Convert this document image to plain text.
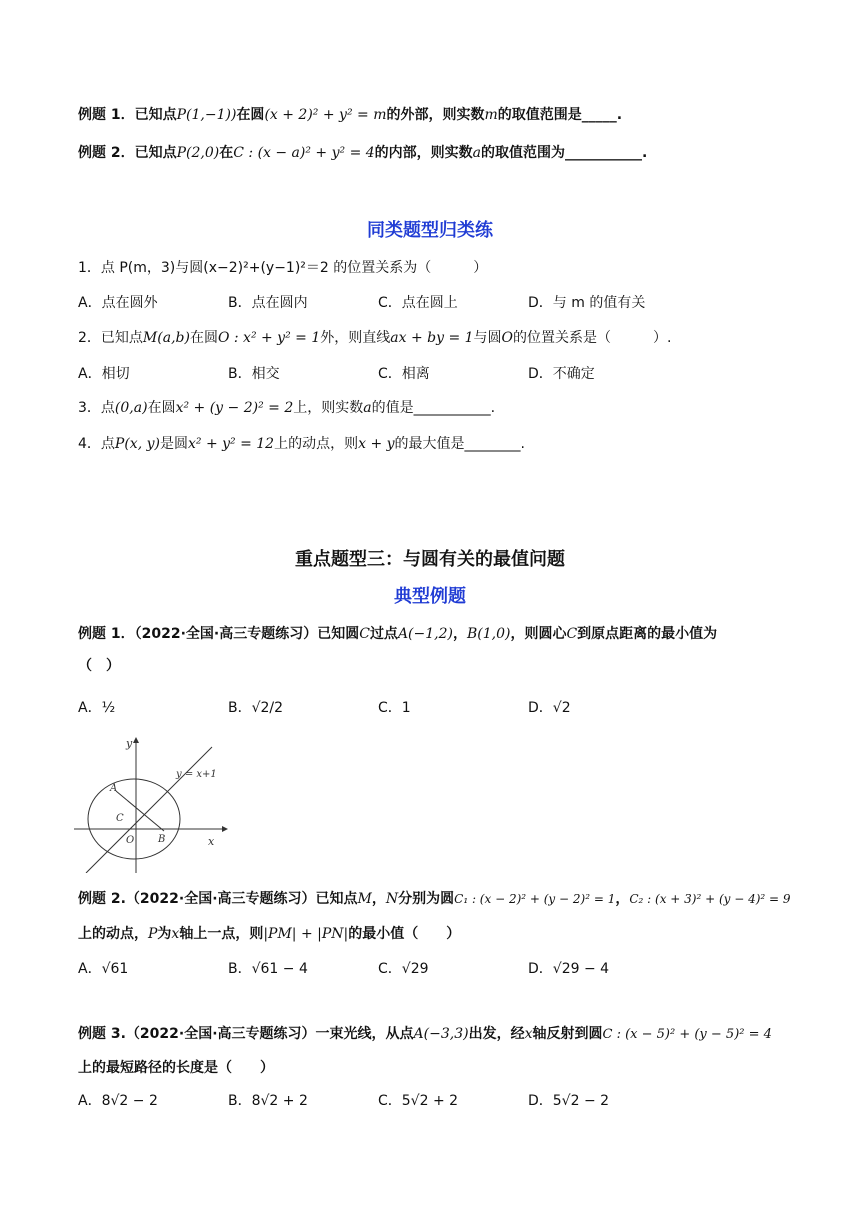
例题 1．已知点P(1,−1))在圆(x + 2)² + y² = m的外部，则实数m的取值范围是_____.
例题 2．已知点P(2,0)在C : (x − a)² + y² = 4的内部，则实数a的取值范围为___________.
同类题型归类练
1．点 P(m，3)与圆(x−2)²+(y−1)²＝2 的位置关系为（　　　）
A．点在圆外	B．点在圆内	C．点在圆上	D．与 m 的值有关
2．已知点M(a,b)在圆O : x² + y² = 1外，则直线ax + by = 1与圆O的位置关系是（　　　）.
A．相切	B．相交	C．相离	D．不确定
3．点(0,a)在圆x² + (y − 2)² = 2上，则实数a的值是___________.
4．点P(x, y)是圆x² + y² = 12上的动点，则x + y的最大值是________.
重点题型三：与圆有关的最值问题
典型例题
例题 1．（2022·全国·高三专题练习）已知圆C过点A(−1,2)，B(1,0)，则圆心C到原点距离的最小值为
（　）
A．½	B．√2/2	C．1	D．√2
y
x
y = x+1
A
C
O B
例题 2.（2022·全国·高三专题练习）已知点M，N分别为圆C₁ : (x − 2)² + (y − 2)² = 1，C₂ : (x + 3)² + (y − 4)² = 9
上的动点，P为x轴上一点，则|PM| + |PN|的最小值（　　）
A．√61	B．√61 − 4	C．√29	D．√29 − 4
例题 3.（2022·全国·高三专题练习）一束光线，从点A(−3,3)出发，经x轴反射到圆C : (x − 5)² + (y − 5)² = 4
上的最短路径的长度是（　　）
A．8√2 − 2	B．8√2 + 2	C．5√2 + 2	D．5√2 − 2
